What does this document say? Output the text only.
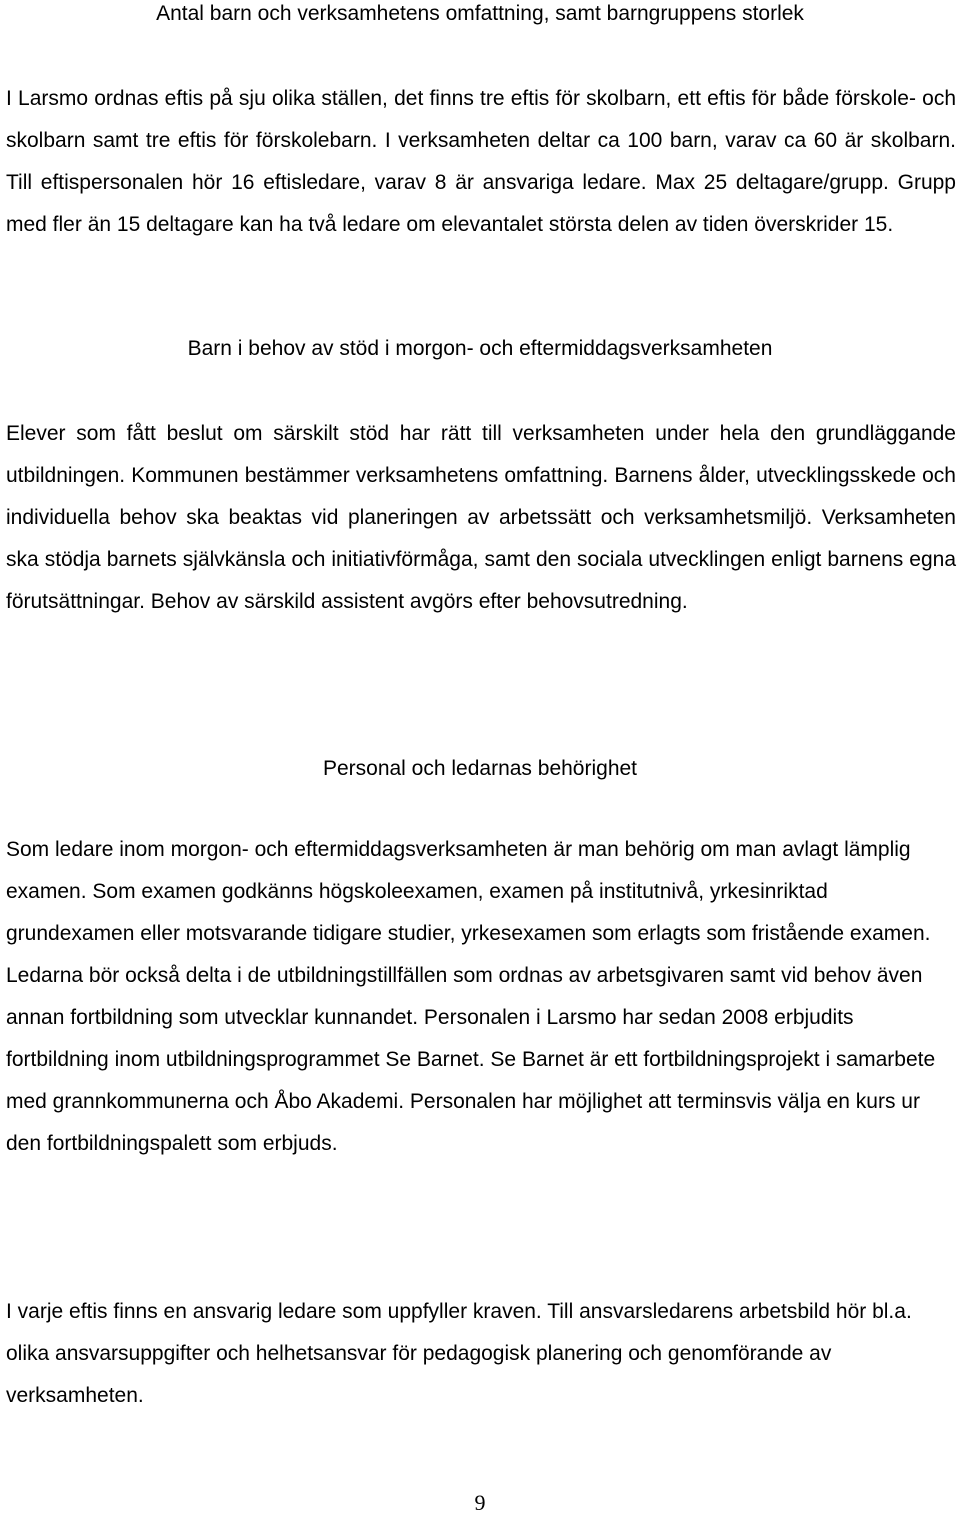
Antal barn och verksamhetens omfattning, samt barngruppens storlek

I Larsmo ordnas eftis på sju olika ställen, det finns tre eftis för skolbarn, ett eftis för både förskole- och skolbarn samt tre eftis för förskolebarn. I verksamheten deltar ca 100 barn, varav ca 60 är skolbarn. Till eftispersonalen hör 16 eftisledare, varav 8 är ansvariga ledare. Max 25 deltagare/grupp. Grupp med fler än 15 deltagare kan ha två ledare om elevantalet största delen av tiden överskrider 15.

Barn i behov av stöd i morgon- och eftermiddagsverksamheten

Elever som fått beslut om särskilt stöd har rätt till verksamheten under hela den grundläggande utbildningen. Kommunen bestämmer verksamhetens omfattning. Barnens ålder, utvecklingsskede och individuella behov ska beaktas vid planeringen av arbetssätt och verksamhetsmiljö. Verksamheten ska stödja barnets självkänsla och initiativförmåga, samt den sociala utvecklingen enligt barnens egna förutsättningar. Behov av särskild assistent avgörs efter behovsutredning.

Personal och ledarnas behörighet

Som ledare inom morgon- och eftermiddagsverksamheten är man behörig om man avlagt lämplig examen. Som examen godkänns högskoleexamen, examen på institutnivå, yrkesinriktad grundexamen eller motsvarande tidigare studier, yrkesexamen som erlagts som fristående examen. Ledarna bör också delta i de utbildningstillfällen som ordnas av arbetsgivaren samt vid behov även annan fortbildning som utvecklar kunnandet. Personalen i Larsmo har sedan 2008 erbjudits fortbildning inom utbildningsprogrammet Se Barnet. Se Barnet är ett fortbildningsprojekt i samarbete med grannkommunerna och Åbo Akademi. Personalen har möjlighet att terminsvis välja en kurs ur den fortbildningspalett som erbjuds.

I varje eftis finns en ansvarig ledare som uppfyller kraven. Till ansvarsledarens arbetsbild hör bl.a. olika ansvarsuppgifter och helhetsansvar för pedagogisk planering och genomförande av verksamheten.

9
